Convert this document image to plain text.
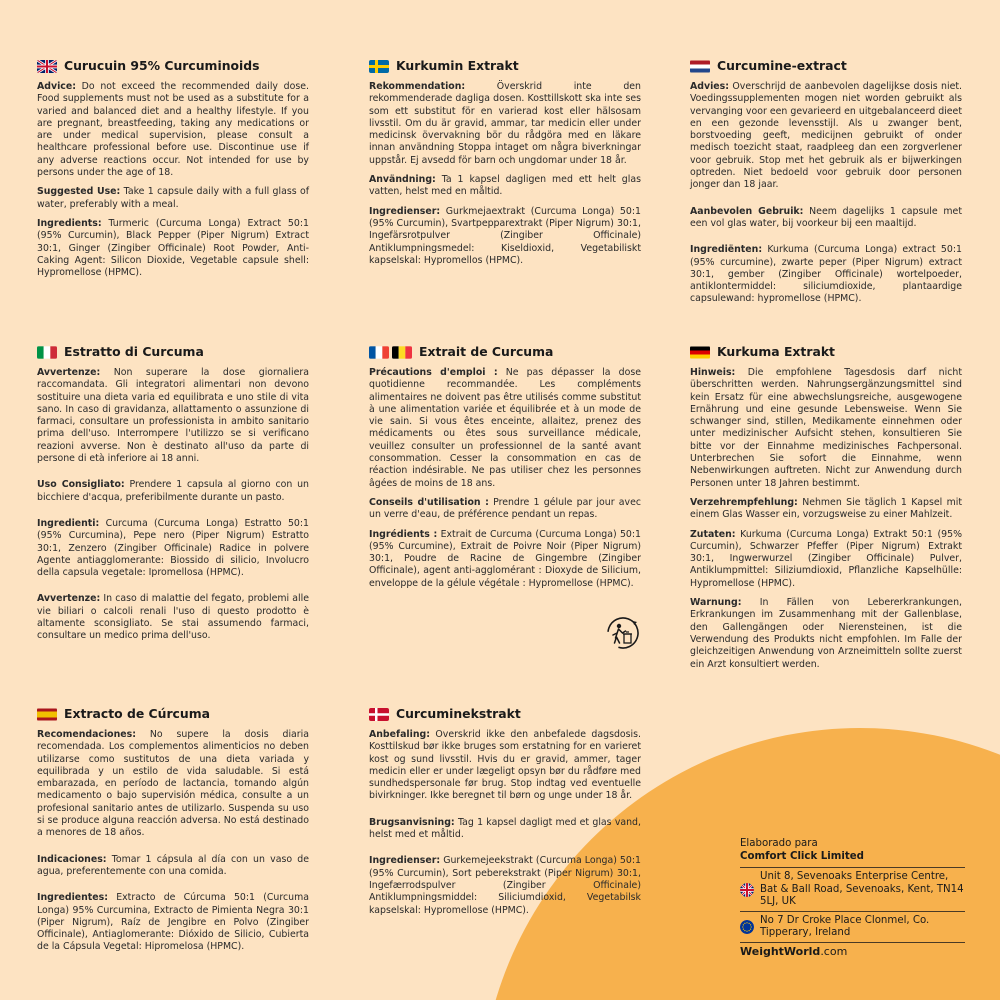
Curucuin 95% Curcuminoids

Advice: Do not exceed the recommended daily dose. Food supplements must not be used as a substitute for a varied and balanced diet and a healthy lifestyle. If you are pregnant, breastfeeding, taking any medications or are under medical supervision, please consult a healthcare professional before use. Discontinue use if any adverse reactions occur. Not intended for use by persons under the age of 18.

Suggested Use: Take 1 capsule daily with a full glass of water, preferably with a meal.

Ingredients: Turmeric (Curcuma Longa) Extract 50:1 (95% Curcumin), Black Pepper (Piper Nigrum) Extract 30:1, Ginger (Zingiber Officinale) Root Powder, Anti-Caking Agent: Silicon Dioxide, Vegetable capsule shell: Hypromellose (HPMC).

Kurkumin Extrakt

Rekommendation: Överskrid inte den rekommenderade dagliga dosen. Kosttillskott ska inte ses som ett substitut för en varierad kost eller hälsosam livsstil. Om du är gravid, ammar, tar medicin eller under medicinsk övervakning bör du rådgöra med en läkare innan användning Stoppa intaget om några biverkningar uppstår. Ej avsedd för barn och ungdomar under 18 år.

Användning: Ta 1 kapsel dagligen med ett helt glas vatten, helst med en måltid.

Ingredienser: Gurkmejaextrakt (Curcuma Longa) 50:1 (95% Curcumin), Svartpepparextrakt (Piper Nigrum) 30:1, Ingefärsrotpulver (Zingiber Officinale) Antiklumpningsmedel: Kiseldioxid, Vegetabiliskt kapselskal: Hypromellos (HPMC).

Curcumine-extract

Advies: Overschrijd de aanbevolen dagelijkse dosis niet. Voedingssupplementen mogen niet worden gebruikt als vervanging voor een gevarieerd en uitgebalanceerd dieet en een gezonde levensstijl. Als u zwanger bent, borstvoeding geeft, medicijnen gebruikt of onder medisch toezicht staat, raadpleeg dan een zorgverlener voor gebruik. Stop met het gebruik als er bijwerkingen optreden. Niet bedoeld voor gebruik door personen jonger dan 18 jaar.

Aanbevolen Gebruik: Neem dagelijks 1 capsule met een vol glas water, bij voorkeur bij een maaltijd.

Ingrediënten: Kurkuma (Curcuma Longa) extract 50:1 (95% curcumine), zwarte peper (Piper Nigrum) extract 30:1, gember (Zingiber Officinale) wortelpoeder, antiklontermiddel: siliciumdioxide, plantaardige capsulewand: hypromellose (HPMC).

Estratto di Curcuma

Avvertenze: Non superare la dose giornaliera raccomandata. Gli integratori alimentari non devono sostituire una dieta varia ed equilibrata e uno stile di vita sano. In caso di gravidanza, allattamento o assunzione di farmaci, consultare un professionista in ambito sanitario prima dell'uso. Interrompere l'utilizzo se si verificano reazioni avverse. Non è destinato all'uso da parte di persone di età inferiore ai 18 anni.

Uso Consigliato: Prendere 1 capsula al giorno con un bicchiere d'acqua, preferibilmente durante un pasto.

Ingredienti: Curcuma (Curcuma Longa) Estratto 50:1 (95% Curcumina), Pepe nero (Piper Nigrum) Estratto 30:1, Zenzero (Zingiber Officinale) Radice in polvere Agente antiagglomerante: Biossido di silicio, Involucro della capsula vegetale: Ipromellosa (HPMC).

Avvertenze: In caso di malattie del fegato, problemi alle vie biliari o calcoli renali l'uso di questo prodotto è altamente sconsigliato. Se stai assumendo farmaci, consultare un medico prima dell'uso.

Extrait de Curcuma

Précautions d'emploi : Ne pas dépasser la dose quotidienne recommandée. Les compléments alimentaires ne doivent pas être utilisés comme substitut à une alimentation variée et équilibrée et à un mode de vie sain. Si vous êtes enceinte, allaitez, prenez des médicaments ou êtes sous surveillance médicale, veuillez consulter un professionnel de la santé avant consommation. Cesser la consommation en cas de réaction indésirable. Ne pas utiliser chez les personnes âgées de moins de 18 ans.

Conseils d'utilisation : Prendre 1 gélule par jour avec un verre d'eau, de préférence pendant un repas.

Ingrédients : Extrait de Curcuma (Curcuma Longa) 50:1 (95% Curcumine), Extrait de Poivre Noir (Piper Nigrum) 30:1, Poudre de Racine de Gingembre (Zingiber Officinale), agent anti-agglomérant : Dioxyde de Silicium, enveloppe de la gélule végétale : Hypromellose (HPMC).

Kurkuma Extrakt

Hinweis: Die empfohlene Tagesdosis darf nicht überschritten werden. Nahrungsergänzungsmittel sind kein Ersatz für eine abwechslungsreiche, ausgewogene Ernährung und eine gesunde Lebensweise. Wenn Sie schwanger sind, stillen, Medikamente einnehmen oder unter medizinischer Aufsicht stehen, konsultieren Sie bitte vor der Einnahme medizinisches Fachpersonal. Unterbrechen Sie sofort die Einnahme, wenn Nebenwirkungen auftreten. Nicht zur Anwendung durch Personen unter 18 Jahren bestimmt.

Verzehrempfehlung: Nehmen Sie täglich 1 Kapsel mit einem Glas Wasser ein, vorzugsweise zu einer Mahlzeit.

Zutaten: Kurkuma (Curcuma Longa) Extrakt 50:1 (95% Curcumin), Schwarzer Pfeffer (Piper Nigrum) Extrakt 30:1, Ingwerwurzel (Zingiber Officinale) Pulver, Antiklumpmittel: Siliziumdioxid, Pflanzliche Kapselhülle: Hypromellose (HPMC).

Warnung: In Fällen von Lebererkrankungen, Erkrankungen im Zusammenhang mit der Gallenblase, den Gallengängen oder Nierensteinen, ist die Verwendung des Produkts nicht empfohlen. Im Falle der gleichzeitigen Anwendung von Arzneimitteln sollte zuerst ein Arzt konsultiert werden.

Extracto de Cúrcuma

Recomendaciones: No supere la dosis diaria recomendada. Los complementos alimenticios no deben utilizarse como sustitutos de una dieta variada y equilibrada y un estilo de vida saludable. Si está embarazada, en período de lactancia, tomando algún medicamento o bajo supervisión médica, consulte a un profesional sanitario antes de utilizarlo. Suspenda su uso si se produce alguna reacción adversa. No está destinado a menores de 18 años.

Indicaciones: Tomar 1 cápsula al día con un vaso de agua, preferentemente con una comida.

Ingredientes: Extracto de Cúrcuma 50:1 (Curcuma Longa) 95% Curcumina, Extracto de Pimienta Negra 30:1 (Piper Nigrum), Raíz de Jengibre en Polvo (Zingiber Officinale), Antiaglomerante: Dióxido de Silicio, Cubierta de la Cápsula Vegetal: Hipromelosa (HPMC).

Curcuminekstrakt

Anbefaling: Overskrid ikke den anbefalede dagsdosis. Kosttilskud bør ikke bruges som erstatning for en varieret kost og sund livsstil. Hvis du er gravid, ammer, tager medicin eller er under lægeligt opsyn bør du rådføre med sundhedspersonale før brug. Stop indtag ved eventuelle bivirkninger. Ikke beregnet til børn og unge under 18 år.

Brugsanvisning: Tag 1 kapsel dagligt med et glas vand, helst med et måltid.

Ingredienser: Gurkemejeekstrakt (Curcuma Longa) 50:1 (95% Curcumin), Sort peberekstrakt (Piper Nigrum) 30:1, Ingefærrodspulver (Zingiber Officinale) Antiklumpningsmiddel: Siliciumdioxid, Vegetabilsk kapselskal: Hypromellose (HPMC).

Elaborado para
Comfort Click Limited
Unit 8, Sevenoaks Enterprise Centre, Bat & Ball Road, Sevenoaks, Kent, TN14 5LJ, UK
No 7 Dr Croke Place Clonmel, Co. Tipperary, Ireland
WeightWorld.com
